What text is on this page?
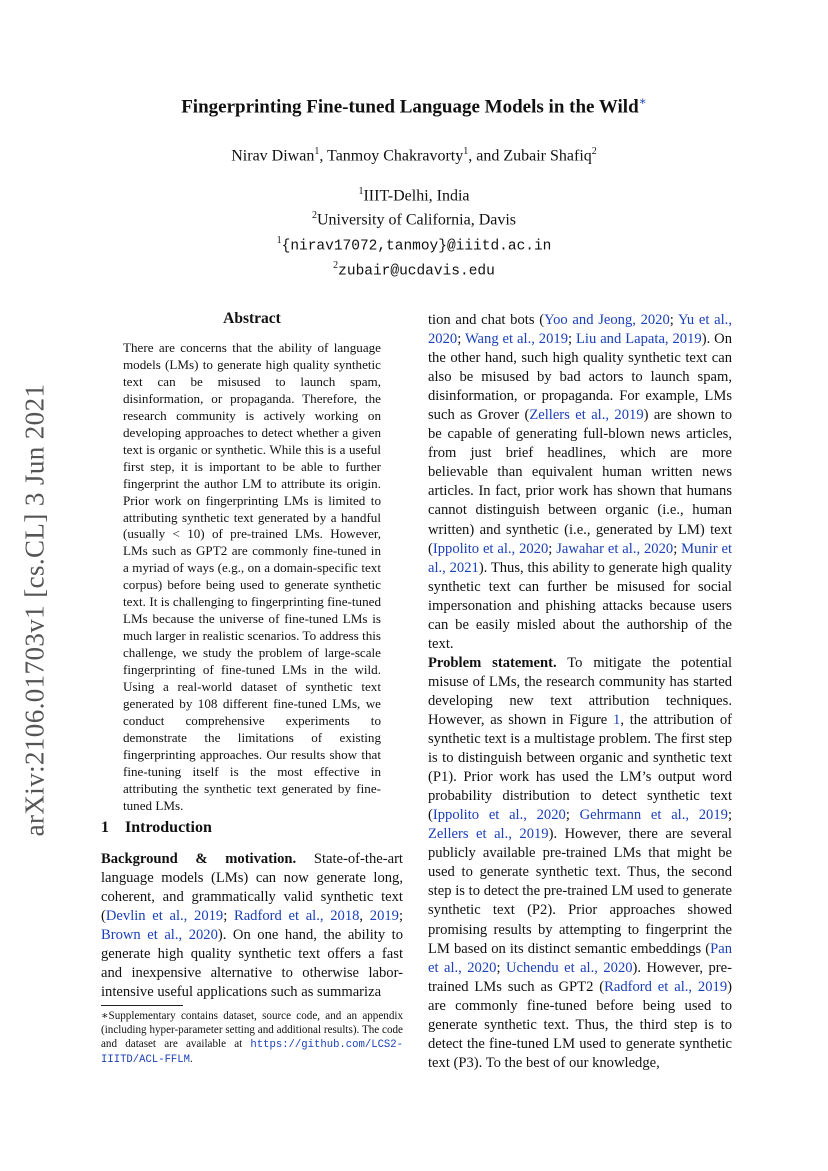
arXiv:2106.01703v1 [cs.CL] 3 Jun 2021
Fingerprinting Fine-tuned Language Models in the Wild∗
Nirav Diwan$^1$, Tanmoy Chakravorty$^1$, and Zubair Shafiq$^2$
$^1$IIIT-Delhi, India
$^2$University of California, Davis
$^1${nirav17072,tanmoy}@iiitd.ac.in
$^2$zubair@ucdavis.edu
Abstract
There are concerns that the ability of language models (LMs) to generate high quality synthetic text can be misused to launch spam, disinformation, or propaganda. Therefore, the research community is actively working on developing approaches to detect whether a given text is organic or synthetic. While this is a useful first step, it is important to be able to further fingerprint the author LM to attribute its origin. Prior work on fingerprinting LMs is limited to attributing synthetic text generated by a handful (usually < 10) of pre-trained LMs. However, LMs such as GPT2 are commonly fine-tuned in a myriad of ways (e.g., on a domain-specific text corpus) before being used to generate synthetic text. It is challenging to fingerprinting fine-tuned LMs because the universe of fine-tuned LMs is much larger in realistic scenarios. To address this challenge, we study the problem of large-scale fingerprinting of fine-tuned LMs in the wild. Using a real-world dataset of synthetic text generated by 108 different fine-tuned LMs, we conduct comprehensive experiments to demonstrate the limitations of existing fingerprinting approaches. Our results show that fine-tuning itself is the most effective in attributing the synthetic text generated by fine-tuned LMs.
1 Introduction

Background & motivation. State-of-the-art language models (LMs) can now generate long, coherent, and grammatically valid synthetic text (Devlin et al., 2019; Radford et al., 2018, 2019; Brown et al., 2020). On one hand, the ability to generate high quality synthetic text offers a fast and inexpensive alternative to otherwise labor-intensive useful applications such as summariza

∗Supplementary contains dataset, source code, and an appendix (including hyper-parameter setting and additional results). The code and dataset are available at https://github.com/LCS2-IIITD/ACL-FFLM.

tion and chat bots (Yoo and Jeong, 2020; Yu et al., 2020; Wang et al., 2019; Liu and Lapata, 2019). On the other hand, such high quality synthetic text can also be misused by bad actors to launch spam, disinformation, or propaganda. For example, LMs such as Grover (Zellers et al., 2019) are shown to be capable of generating full-blown news articles, from just brief headlines, which are more believable than equivalent human written news articles. In fact, prior work has shown that humans cannot distinguish between organic (i.e., human written) and synthetic (i.e., generated by LM) text (Ippolito et al., 2020; Jawahar et al., 2020; Munir et al., 2021). Thus, this ability to generate high quality synthetic text can further be misused for social impersonation and phishing attacks because users can be easily misled about the authorship of the text.

Problem statement. To mitigate the potential misuse of LMs, the research community has started developing new text attribution techniques. However, as shown in Figure 1, the attribution of synthetic text is a multistage problem. The first step is to distinguish between organic and synthetic text (P1). Prior work has used the LM’s output word probability distribution to detect synthetic text (Ippolito et al., 2020; Gehrmann et al., 2019; Zellers et al., 2019). However, there are several publicly available pre-trained LMs that might be used to generate synthetic text. Thus, the second step is to detect the pre-trained LM used to generate synthetic text (P2). Prior approaches showed promising results by attempting to fingerprint the LM based on its distinct semantic embeddings (Pan et al., 2020; Uchendu et al., 2020). However, pre-trained LMs such as GPT2 (Radford et al., 2019) are commonly fine-tuned before being used to generate synthetic text. Thus, the third step is to detect the fine-tuned LM used to generate synthetic text (P3). To the best of our knowledge,
